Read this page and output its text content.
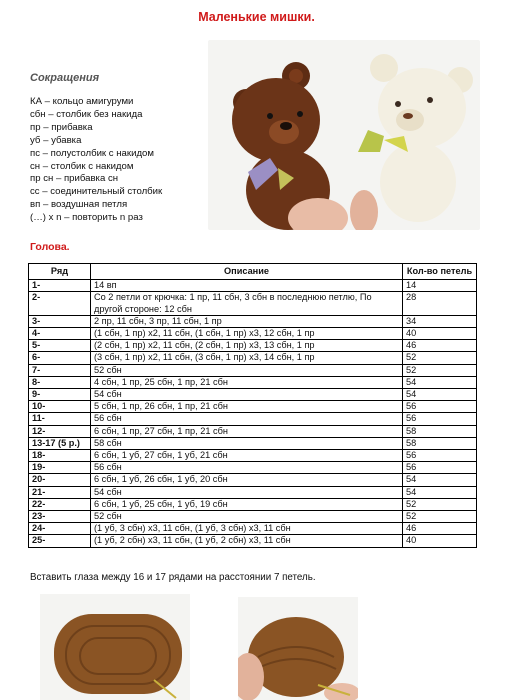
Маленькие мишки.
Сокращения
КА – кольцо амигуруми
сбн – столбик без накида
пр – прибавка
уб – убавка
пс – полустолбик с накидом
сн – столбик с накидом
пр сн – прибавка сн
сс – соединительный столбик
вп – воздушная петля
(…) x n – повторить n раз
Голова.
Ряд	Описание	Кол-во петель
1-	14 вп	14
2-	Со 2 петли от крючка: 1 пр, 11 сбн, 3 сбн в последнюю петлю, По другой стороне: 12 сбн	28
3-	2 пр, 11 сбн, 3 пр, 11 сбн, 1 пр	34
4-	(1 сбн, 1 пр) x2, 11 сбн, (1 сбн, 1 пр) x3, 12 сбн, 1 пр	40
5-	(2 сбн, 1 пр) x2, 11 сбн, (2 сбн, 1 пр) x3, 13 сбн, 1 пр	46
6-	(3 сбн, 1 пр) x2, 11 сбн, (3 сбн, 1 пр) x3, 14 сбн, 1 пр	52
7-	52 сбн	52
8-	4 сбн, 1 пр, 25 сбн, 1 пр, 21 сбн	54
9-	54 сбн	54
10-	5 сбн, 1 пр, 26 сбн, 1 пр, 21 сбн	56
11-	56 сбн	56
12-	6 сбн, 1 пр, 27 сбн, 1 пр, 21 сбн	58
13-17 (5 р.)	58 сбн	58
18-	6 сбн, 1 уб, 27 сбн, 1 уб, 21 сбн	56
19-	56 сбн	56
20-	6 сбн, 1 уб, 26 сбн, 1 уб, 20 сбн	54
21-	54 сбн	54
22-	6 сбн, 1 уб, 25 сбн, 1 уб, 19 сбн	52
23-	52 сбн	52
24-	(1 уб, 3 сбн) x3, 11 сбн, (1 уб, 3 сбн) x3, 11 сбн	46
25-	(1 уб, 2 сбн) x3, 11 сбн, (1 уб, 2 сбн) x3, 11 сбн	40
Вставить глаза между 16 и 17 рядами на расстоянии 7 петель.
